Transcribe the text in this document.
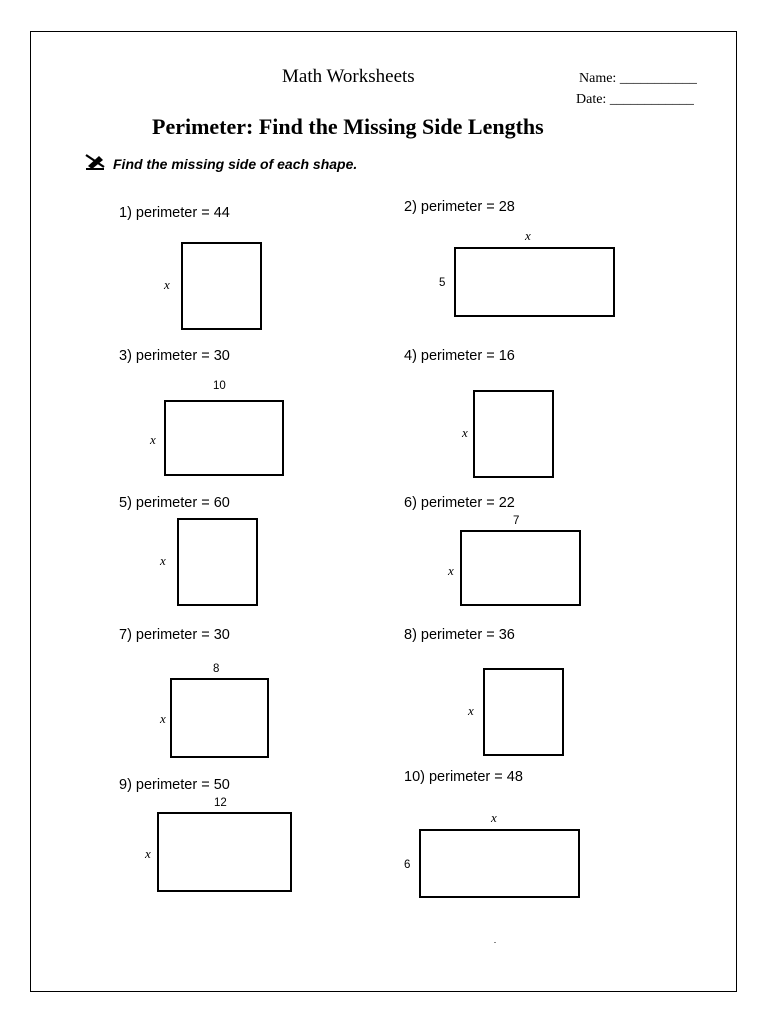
Math Worksheets	Name: ___________
Date: ____________
Perimeter: Find the Missing Side Lengths
Find the missing side of each shape.
1) perimeter = 44
x
2) perimeter = 28
x
5
3) perimeter = 30
10
x
4) perimeter = 16
x
5) perimeter = 60
x
6) perimeter = 22
7
x
7) perimeter = 30
8
x
8) perimeter = 36
x
9) perimeter = 50
12
x
10) perimeter = 48
x
6
